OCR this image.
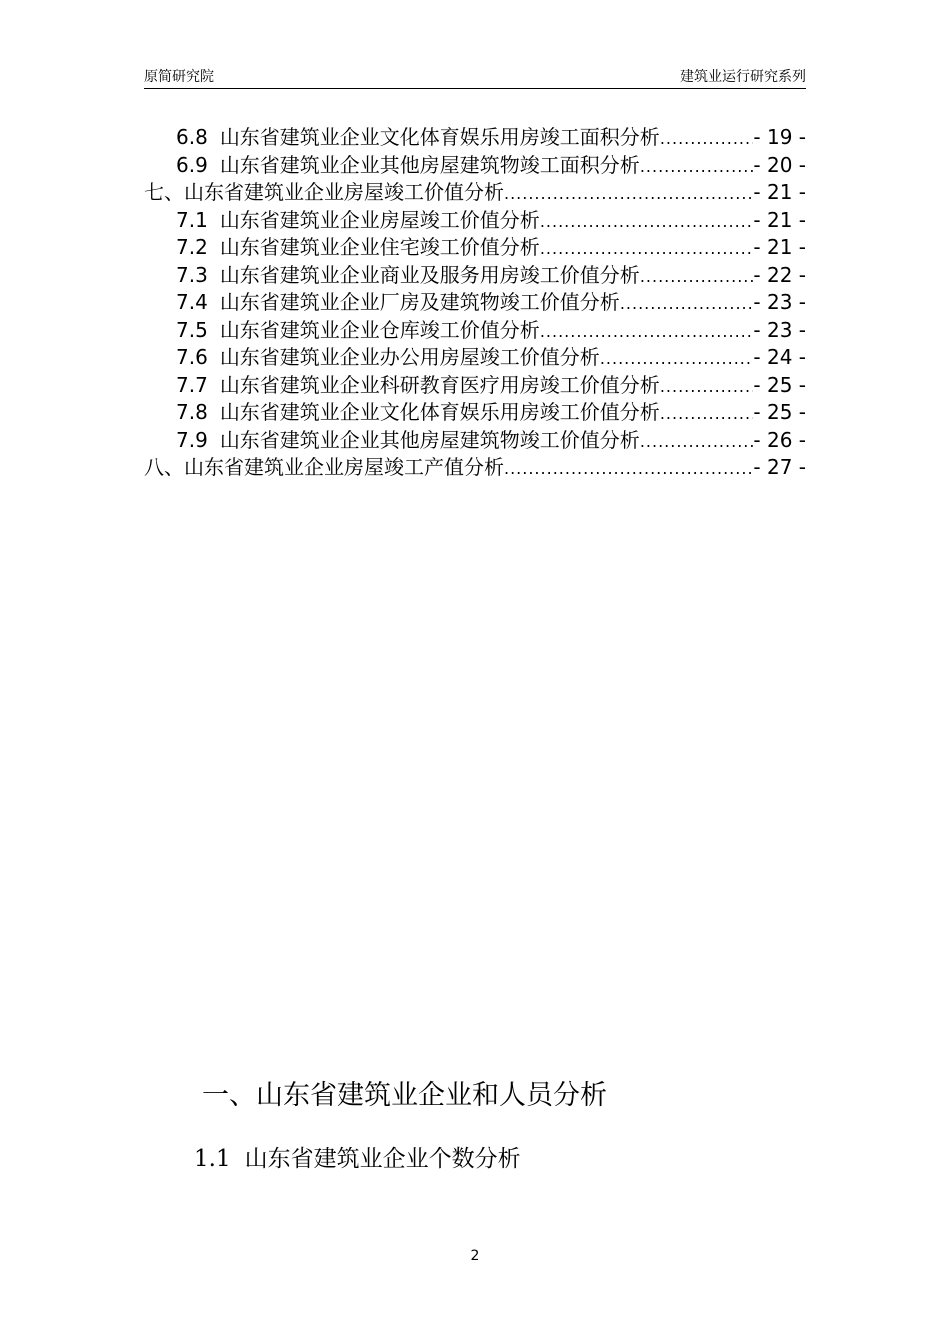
原简研究院	建筑业运行研究系列
6.8 山东省建筑业企业文化体育娱乐用房竣工面积分析 .....	- 19 -
6.9 山东省建筑业企业其他房屋建筑物竣工面积分析 .....	- 20 -
七、山东省建筑业企业房屋竣工价值分析 .....	- 21 -
7.1 山东省建筑业企业房屋竣工价值分析 .....	- 21 -
7.2 山东省建筑业企业住宅竣工价值分析 .....	- 21 -
7.3 山东省建筑业企业商业及服务用房竣工价值分析 .....	- 22 -
7.4 山东省建筑业企业厂房及建筑物竣工价值分析 .....	- 23 -
7.5 山东省建筑业企业仓库竣工价值分析 .....	- 23 -
7.6 山东省建筑业企业办公用房屋竣工价值分析 .....	- 24 -
7.7 山东省建筑业企业科研教育医疗用房竣工价值分析 .....	- 25 -
7.8 山东省建筑业企业文化体育娱乐用房竣工价值分析 .....	- 25 -
7.9 山东省建筑业企业其他房屋建筑物竣工价值分析 .....	- 26 -
八、山东省建筑业企业房屋竣工产值分析 .....	- 27 -
一、山东省建筑业企业和人员分析
1.1 山东省建筑业企业个数分析
2
